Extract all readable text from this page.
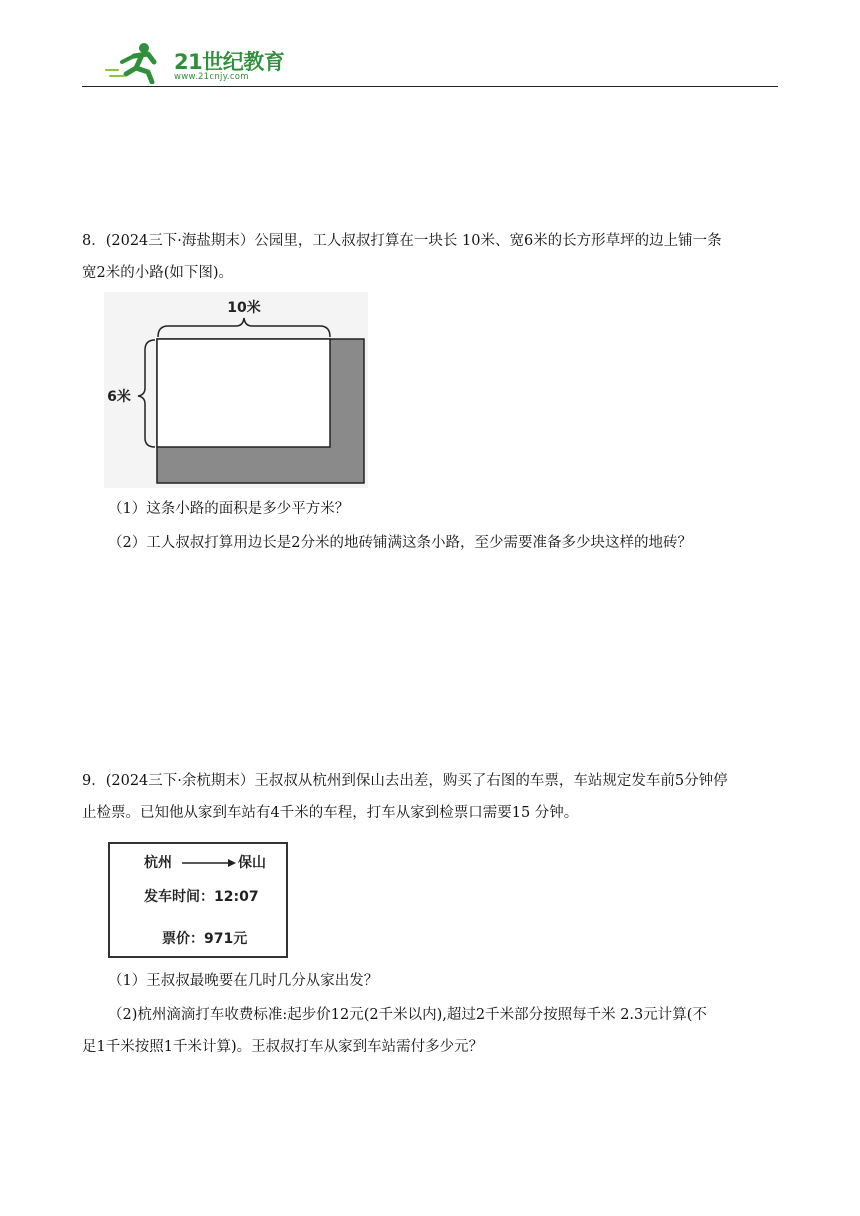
21世纪教育
www.21cnjy.com
8．(2024三下·海盐期末）公园里，工人叔叔打算在一块长 10米、宽6米的长方形草坪的边上铺一条
宽2米的小路(如下图)。
10米
6米
（1）这条小路的面积是多少平方米？
（2）工人叔叔打算用边长是2分米的地砖铺满这条小路，至少需要准备多少块这样的地砖？
9．(2024三下·余杭期末）王叔叔从杭州到保山去出差，购买了右图的车票，车站规定发车前5分钟停
止检票。已知他从家到车站有4千米的车程，打车从家到检票口需要15 分钟。
杭州	保山
发车时间：12:07
票价：971元
（1）王叔叔最晚要在几时几分从家出发？
（2)杭州滴滴打车收费标准:起步价12元(2千米以内),超过2千米部分按照每千米 2.3元计算(不
足1千米按照1千米计算)。王叔叔打车从家到车站需付多少元？
